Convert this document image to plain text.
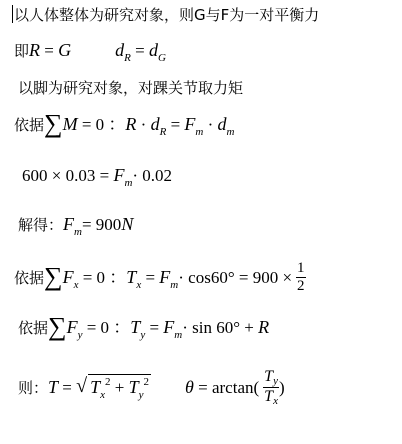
以人体整体为研究对象，则G与F为一对平衡力
即R = G $d_R = d_G$
以脚为研究对象，对踝关节取力矩
依据∑M = 0 ：$R \cdot d_R = F_m \cdot d_m$
$600 \times 0.03 = F_m\cdot 0.02$
解得：$F_m= 900N$
依据$\sum F_x = 0$ ：$T_x = F_m\cdot \cos 60^\circ = 900 \times \frac{1}{2}$
依据$\sum F_y = 0$ ：$T_y = F_m\cdot \sin 60^\circ + R$
则：T = √ $T_x^2 + T_y^2$ $\theta = \arctan( \frac{T_y}{T_x}$ )
